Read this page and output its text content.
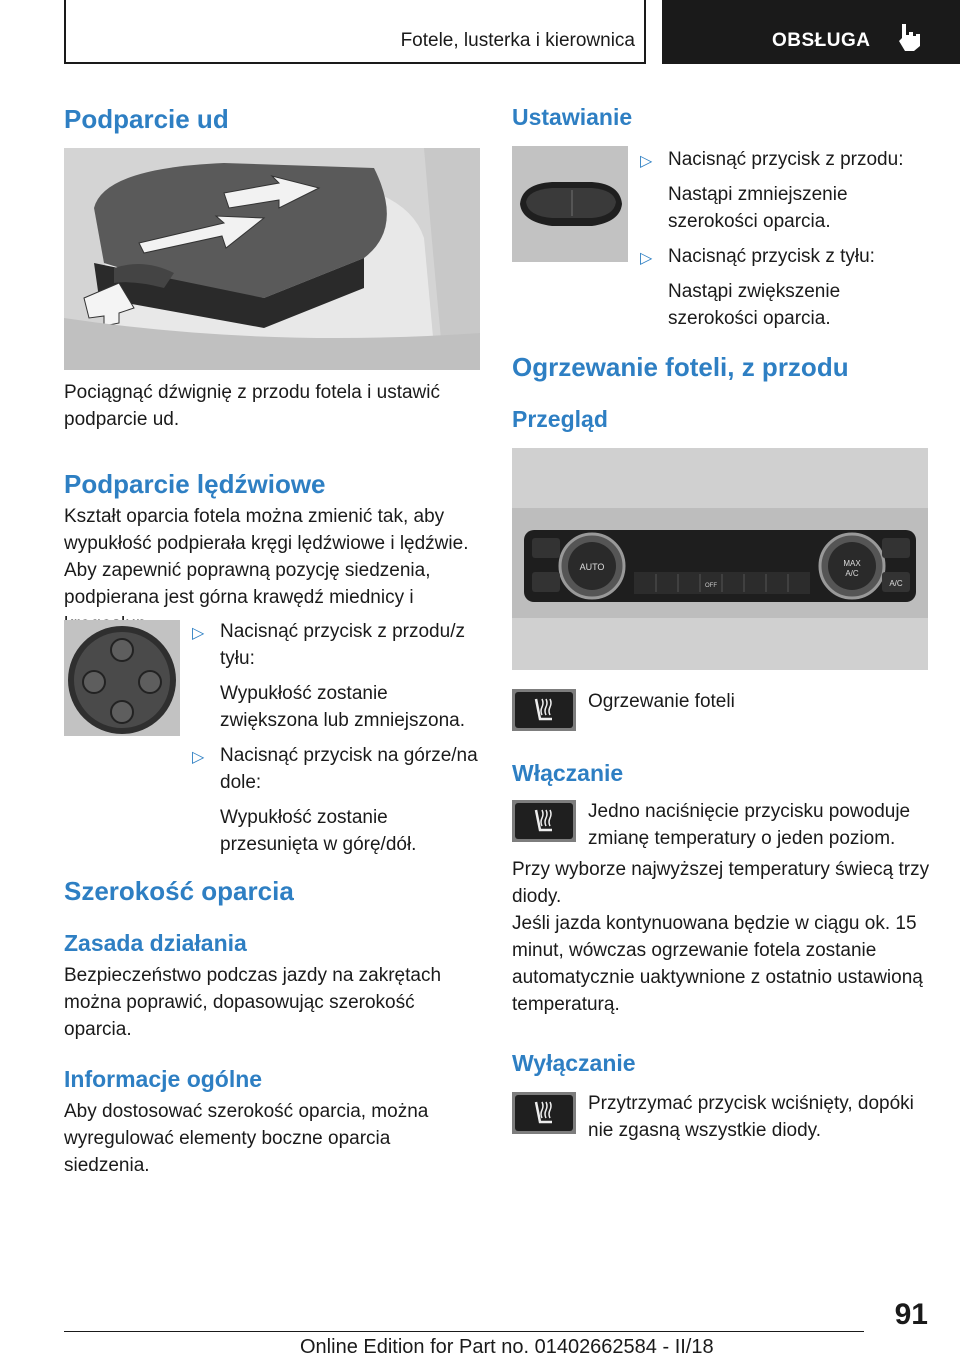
Fotele, lusterka i kierownica	OBSŁUGA
Podparcie ud

Pociągnąć dźwignię z przodu fotela i ustawić podparcie ud.

Podparcie lędźwiowe

Kształt oparcia fotela można zmienić tak, aby wypukłość podpierała kręgi lędźwiowe i lędźwie. Aby zapewnić poprawną pozycję siedzenia, podpierana jest górna krawędź miednicy i

▷ Nacisnąć przycisk z przodu/z tyłu:
Wypukłość zostanie zwiększona lub zmniejszona.
▷ Nacisnąć przycisk na górze/na dole:
Wypukłość zostanie przesunięta w górę/dół.
Szerokość oparcia
Zasada działania

Bezpieczeństwo podczas jazdy na zakrętach można poprawić, dopasowując szerokość oparcia.

Informacje ogólne

Aby dostosować szerokość oparcia, można wyregulować elementy boczne oparcia siedzenia.

Ustawianie
▷ Nacisnąć przycisk z przodu:
Nastąpi zmniejszenie szerokości oparcia.
▷ Nacisnąć przycisk z tyłu:
Nastąpi zwiększenie szerokości oparcia.
Ogrzewanie foteli, z przodu
Przegląd
AUTO	MAX
A/C
A/C
OFF
Ogrzewanie foteli
Włączanie

Jedno naciśnięcie przycisku powoduje zmianę temperatury o jeden poziom.

Przy wyborze najwyższej temperatury świecą trzy diody.

Jeśli jazda kontynuowana będzie w ciągu ok. 15 minut, wówczas ogrzewanie fotela zostanie automatycznie uaktywnione z ostatnio ustawioną temperaturą.

Wyłączanie

Przytrzymać przycisk wciśnięty, dopóki nie zgasną wszystkie diody.

91
Online Edition for Part no. 01402662584 - II/18
